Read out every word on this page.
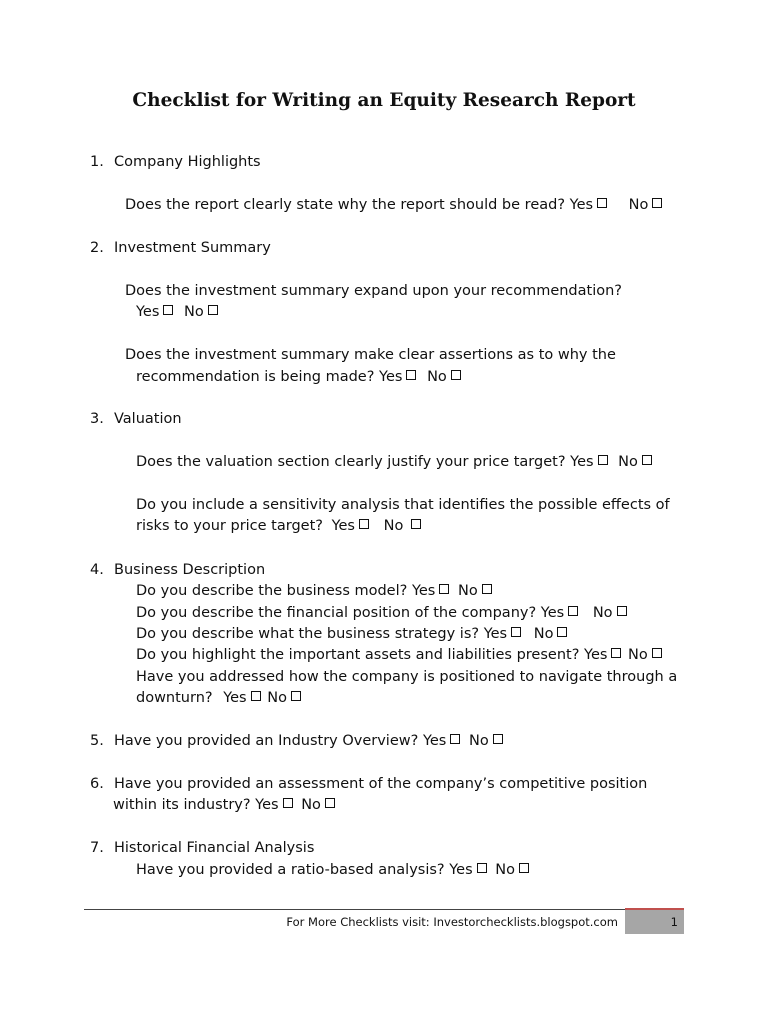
Checklist for Writing an Equity Research Report
1. Company Highlights
Does the report clearly state why the report should be read? Yes No
2. Investment Summary
Does the investment summary expand upon your recommendation?
Yes No
Does the investment summary make clear assertions as to why the
recommendation is being made? Yes No
3. Valuation
Does the valuation section clearly justify your price target? Yes No
Do you include a sensitivity analysis that identifies the possible effects of
risks to your price target? Yes No
4. Business Description
Do you describe the business model? Yes No
Do you describe the financial position of the company? Yes No
Do you describe what the business strategy is? Yes No
Do you highlight the important assets and liabilities present? Yes No
Have you addressed how the company is positioned to navigate through a
downturn? Yes No
5. Have you provided an Industry Overview? Yes No
6. Have you provided an assessment of the company’s competitive position
within its industry? Yes No
7. Historical Financial Analysis
Have you provided a ratio-based analysis? Yes No
For More Checklists visit: Investorchecklists.blogspot.com	1
